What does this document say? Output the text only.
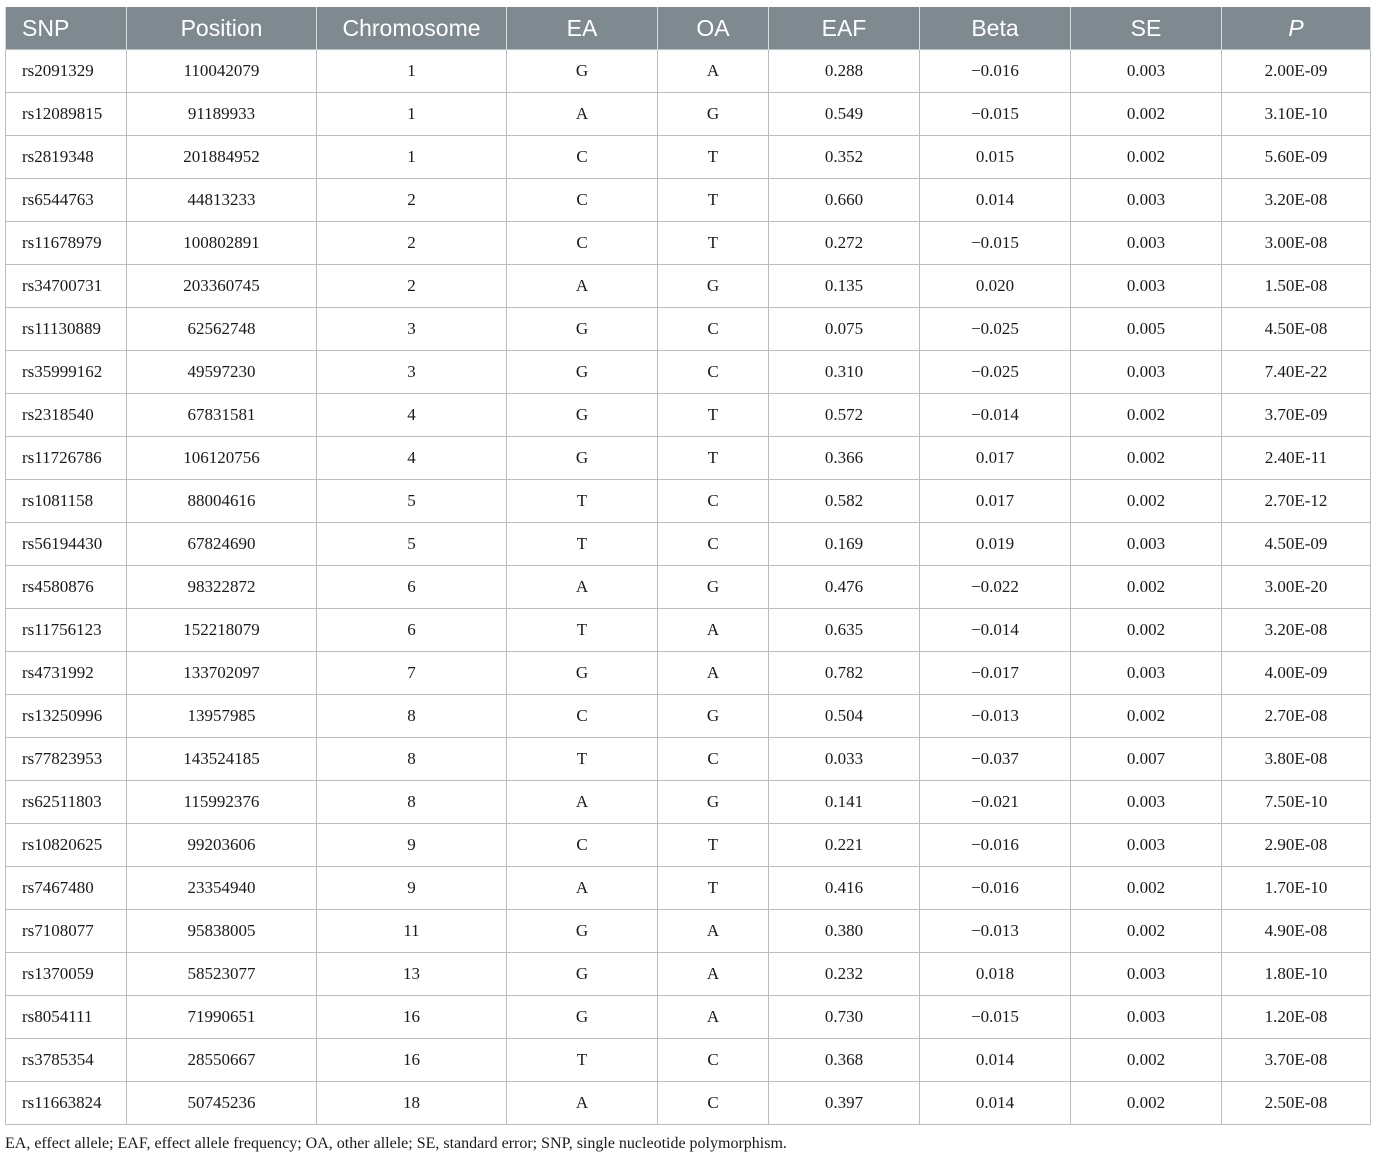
SNP	Position	Chromosome	EA	OA	EAF	Beta	SE	P
rs2091329	110042079	1	G	A	0.288	−0.016	0.003	2.00E-09
rs12089815	91189933	1	A	G	0.549	−0.015	0.002	3.10E-10
rs2819348	201884952	1	C	T	0.352	0.015	0.002	5.60E-09
rs6544763	44813233	2	C	T	0.660	0.014	0.003	3.20E-08
rs11678979	100802891	2	C	T	0.272	−0.015	0.003	3.00E-08
rs34700731	203360745	2	A	G	0.135	0.020	0.003	1.50E-08
rs11130889	62562748	3	G	C	0.075	−0.025	0.005	4.50E-08
rs35999162	49597230	3	G	C	0.310	−0.025	0.003	7.40E-22
rs2318540	67831581	4	G	T	0.572	−0.014	0.002	3.70E-09
rs11726786	106120756	4	G	T	0.366	0.017	0.002	2.40E-11
rs1081158	88004616	5	T	C	0.582	0.017	0.002	2.70E-12
rs56194430	67824690	5	T	C	0.169	0.019	0.003	4.50E-09
rs4580876	98322872	6	A	G	0.476	−0.022	0.002	3.00E-20
rs11756123	152218079	6	T	A	0.635	−0.014	0.002	3.20E-08
rs4731992	133702097	7	G	A	0.782	−0.017	0.003	4.00E-09
rs13250996	13957985	8	C	G	0.504	−0.013	0.002	2.70E-08
rs77823953	143524185	8	T	C	0.033	−0.037	0.007	3.80E-08
rs62511803	115992376	8	A	G	0.141	−0.021	0.003	7.50E-10
rs10820625	99203606	9	C	T	0.221	−0.016	0.003	2.90E-08
rs7467480	23354940	9	A	T	0.416	−0.016	0.002	1.70E-10
rs7108077	95838005	11	G	A	0.380	−0.013	0.002	4.90E-08
rs1370059	58523077	13	G	A	0.232	0.018	0.003	1.80E-10
rs8054111	71990651	16	G	A	0.730	−0.015	0.003	1.20E-08
rs3785354	28550667	16	T	C	0.368	0.014	0.002	3.70E-08
rs11663824	50745236	18	A	C	0.397	0.014	0.002	2.50E-08

EA, effect allele; EAF, effect allele frequency; OA, other allele; SE, standard error; SNP, single nucleotide polymorphism.
